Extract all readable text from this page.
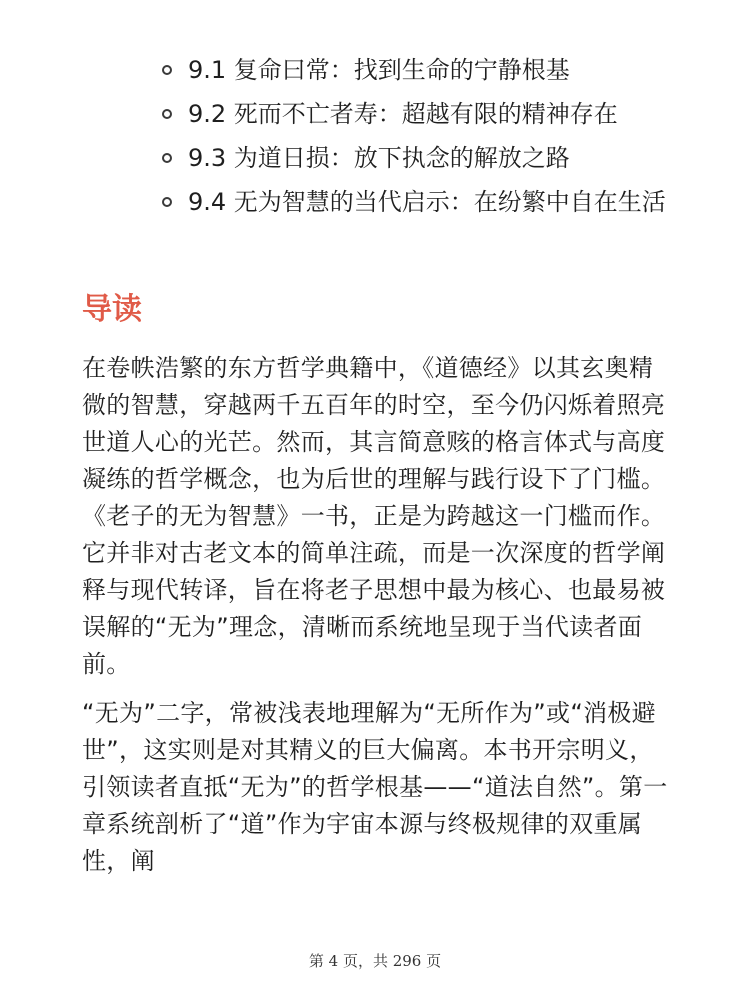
9.1 复命曰常：找到生命的宁静根基
9.2 死而不亡者寿：超越有限的精神存在
9.3 为道日损：放下执念的解放之路
9.4 无为智慧的当代启示：在纷繁中自在生活
导读

在卷帙浩繁的东方哲学典籍中，《道德经》以其玄奥精微的智慧，穿越两千五百年的时空，至今仍闪烁着照亮世道人心的光芒。然而，其言简意赅的格言体式与高度凝练的哲学概念，也为后世的理解与践行设下了门槛。《老子的无为智慧》一书，正是为跨越这一门槛而作。它并非对古老文本的简单注疏，而是一次深度的哲学阐释与现代转译，旨在将老子思想中最为核心、也最易被误解的“无为”理念，清晰而系统地呈现于当代读者面前。

“无为”二字，常被浅表地理解为“无所作为”或“消极避世”，这实则是对其精义的巨大偏离。本书开宗明义，引领读者直抵“无为”的哲学根基——“道法自然”。第一章系统剖析了“道”作为宇宙本源与终极规律的双重属性，阐

第 4 页，共 296 页
